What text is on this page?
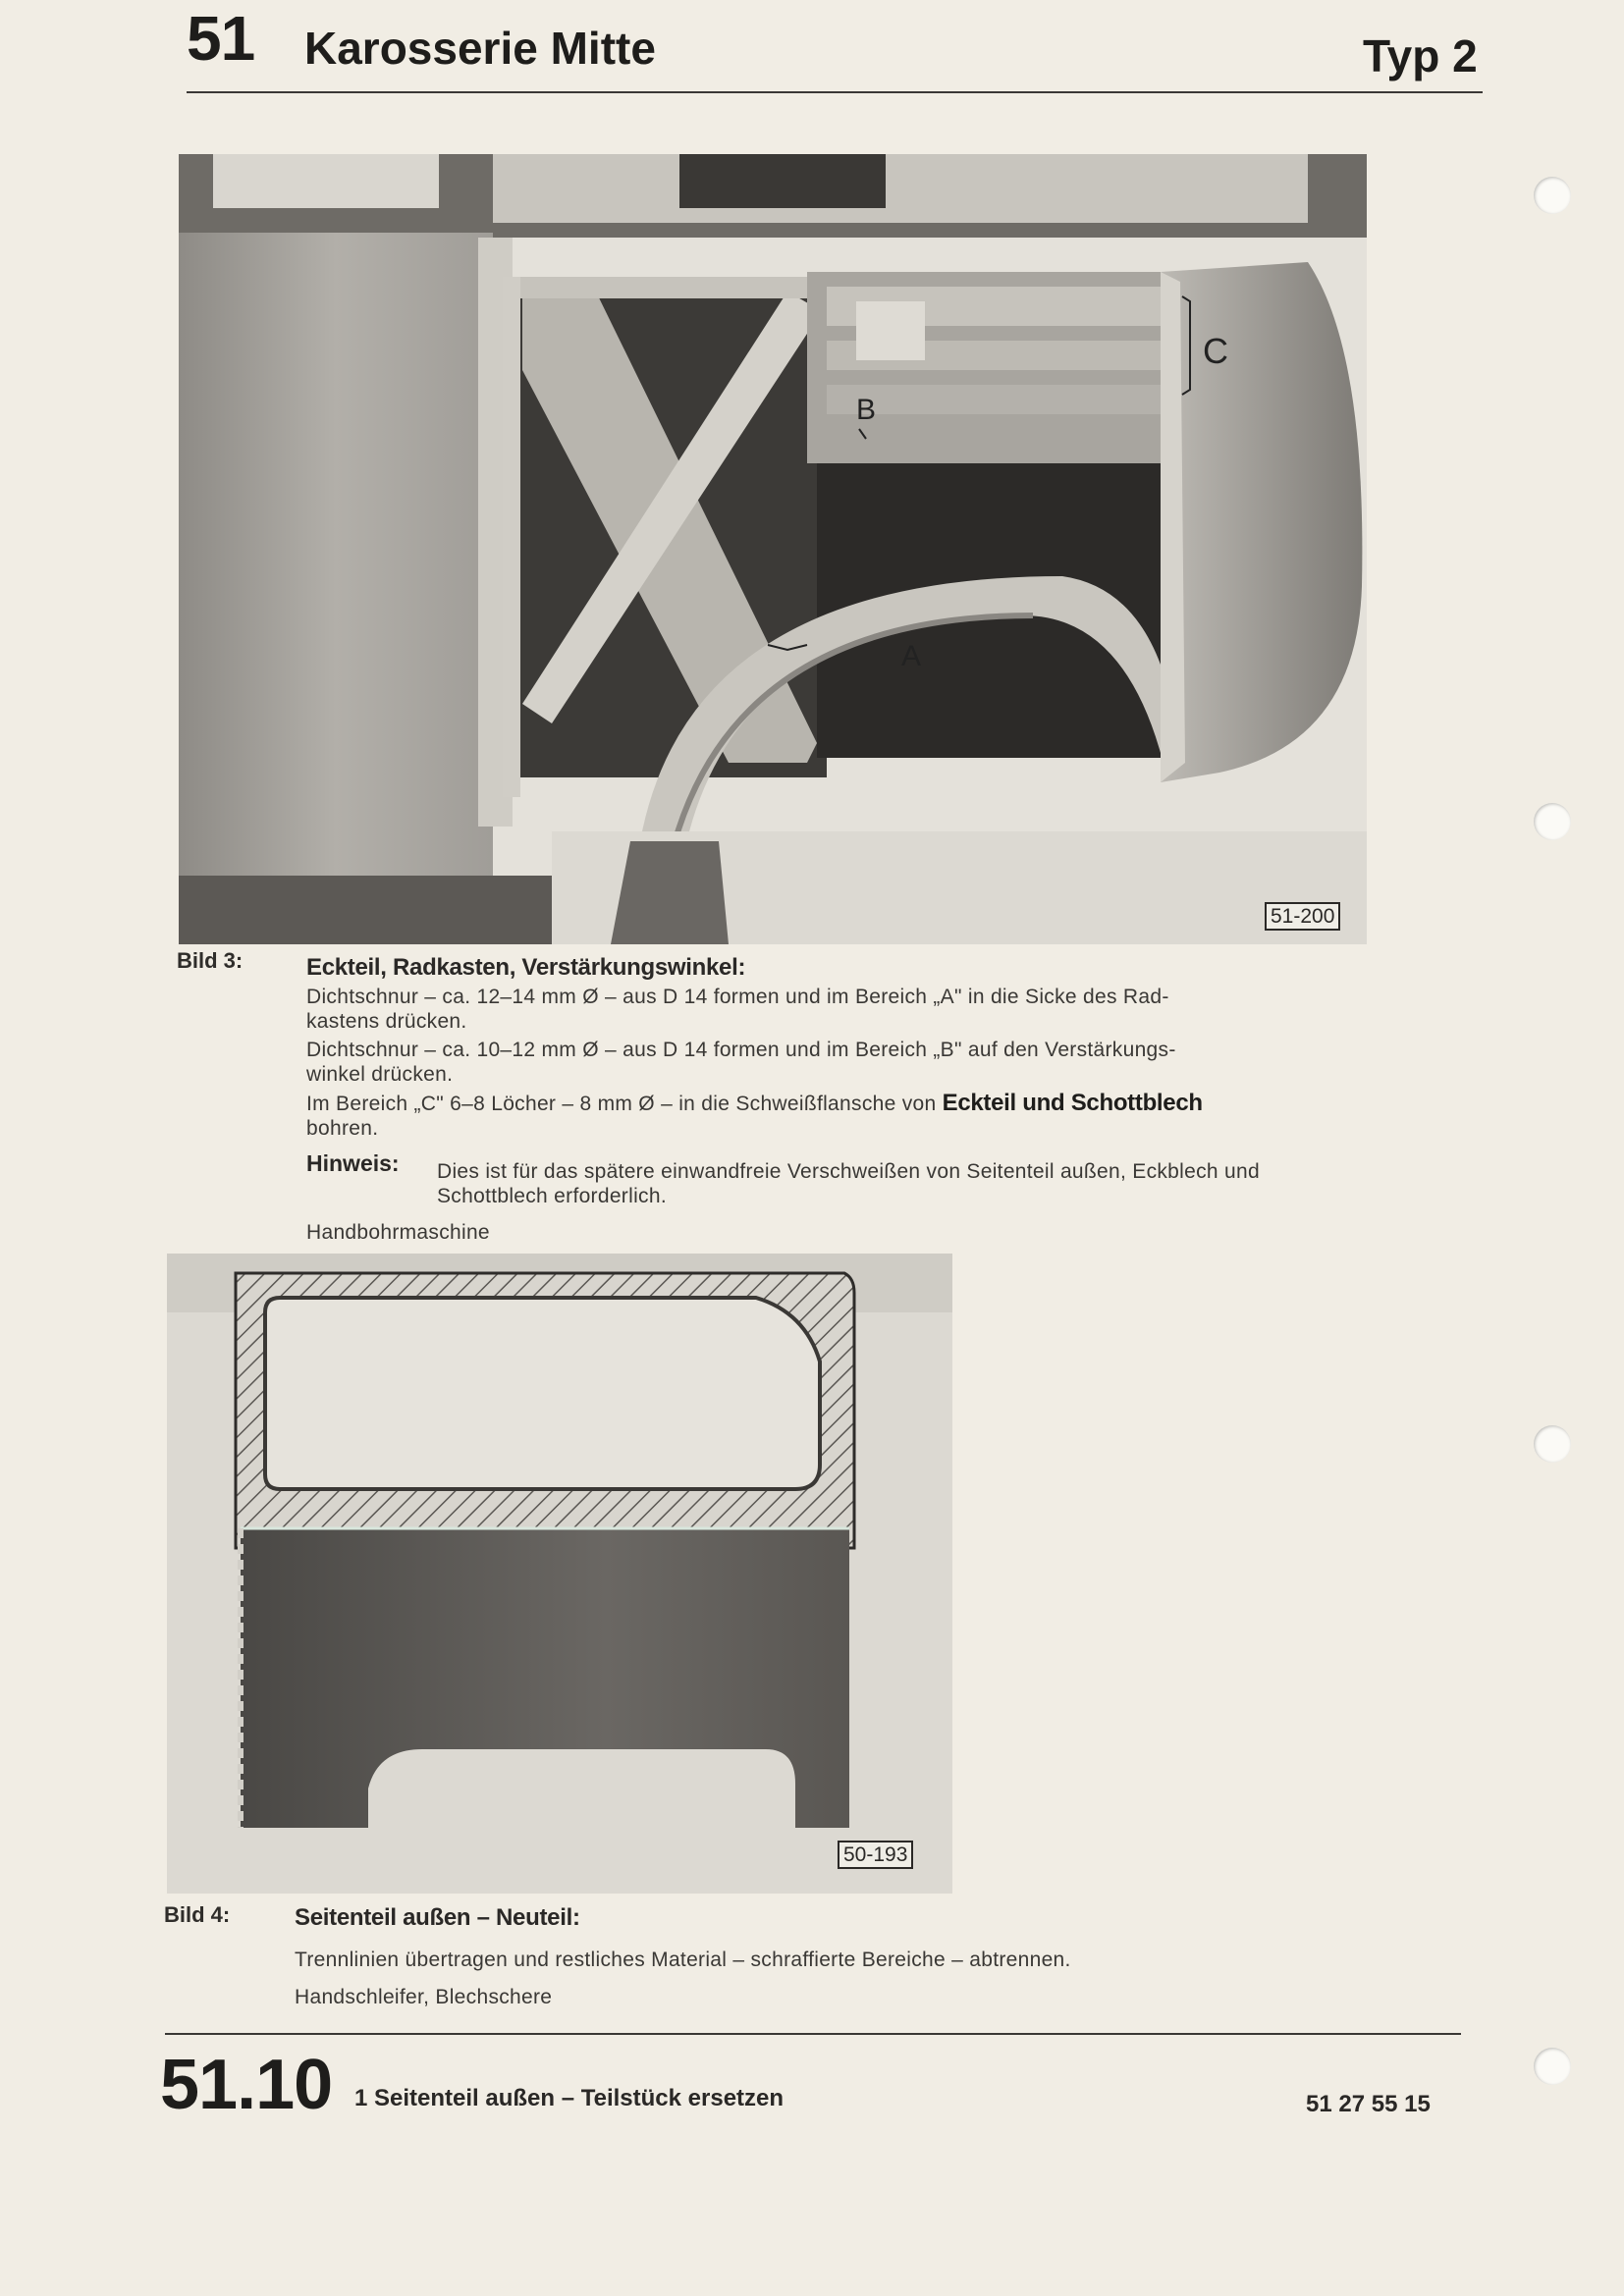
51 Karosserie Mitte	Typ 2
A
B
C
51-200
Bild 3:	Eckteil, Radkasten, Verstärkungswinkel:
Dichtschnur – ca. 12–14 mm Ø – aus D 14 formen und im Bereich „A" in die Sicke des Rad-
kastens drücken.
Dichtschnur – ca. 10–12 mm Ø – aus D 14 formen und im Bereich „B" auf den Verstärkungs-
winkel drücken.
Im Bereich „C" 6–8 Löcher – 8 mm Ø – in die Schweißflansche von Eckteil und Schottblech
bohren.
Hinweis: Dies ist für das spätere einwandfreie Verschweißen von Seitenteil außen, Eckblech und
Schottblech erforderlich.
Handbohrmaschine
50-193
Bild 4:	Seitenteil außen – Neuteil:
Trennlinien übertragen und restliches Material – schraffierte Bereiche – abtrennen.
Handschleifer, Blechschere
51.10 1 Seitenteil außen – Teilstück ersetzen	51 27 55 15
